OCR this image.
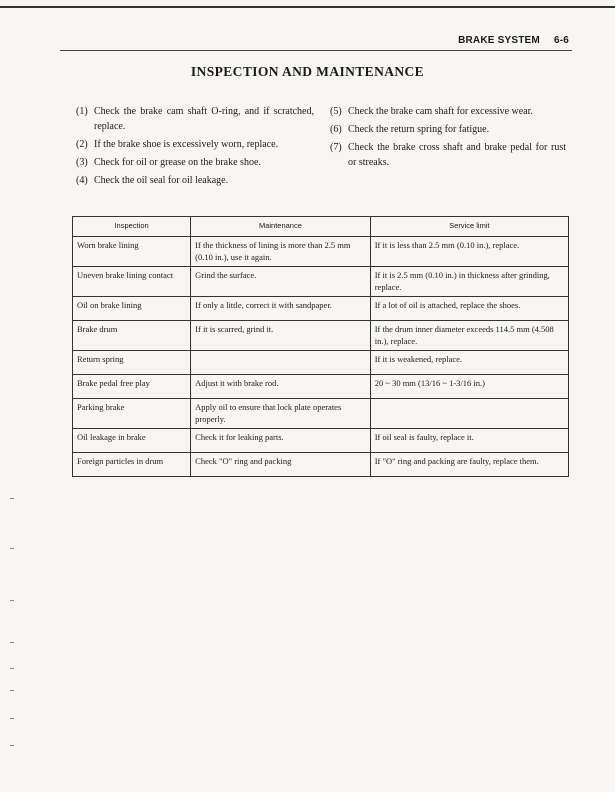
BRAKE SYSTEM 6-6
INSPECTION AND MAINTENANCE
(1) Check the brake cam shaft O-ring, and if scratched, replace.
(2) If the brake shoe is excessively worn, replace.
(3) Check for oil or grease on the brake shoe.
(4) Check the oil seal for oil leakage.
(5) Check the brake cam shaft for excessive wear.
(6) Check the return spring for fatigue.
(7) Check the brake cross shaft and brake pedal for rust or streaks.
Inspection	Maintenance	Service limit
Worn brake lining	If the thickness of lining is more than 2.5 mm (0.10 in.), use it again.	If it is less than 2.5 mm (0.10 in.), replace.
Uneven brake lining contact	Grind the surface.	If it is 2.5 mm (0.10 in.) in thickness after grinding, replace.
Oil on brake lining	If only a little, correct it with sandpaper.	If a lot of oil is attached, replace the shoes.
Brake drum	If it is scarred, grind it.	If the drum inner diameter exceeds 114.5 mm (4.508 in.), replace.
Return spring		If it is weakened, replace.
Brake pedal free play	Adjust it with brake rod.	20 ~ 30 mm (13/16 ~ 1-3/16 in.)
Parking brake	Apply oil to ensure that lock plate operates properly.	
Oil leakage in brake	Check it for leaking parts.	If oil seal is faulty, replace it.
Foreign particles in drum	Check "O" ring and packing	If "O" ring and packing are faulty, replace them.
